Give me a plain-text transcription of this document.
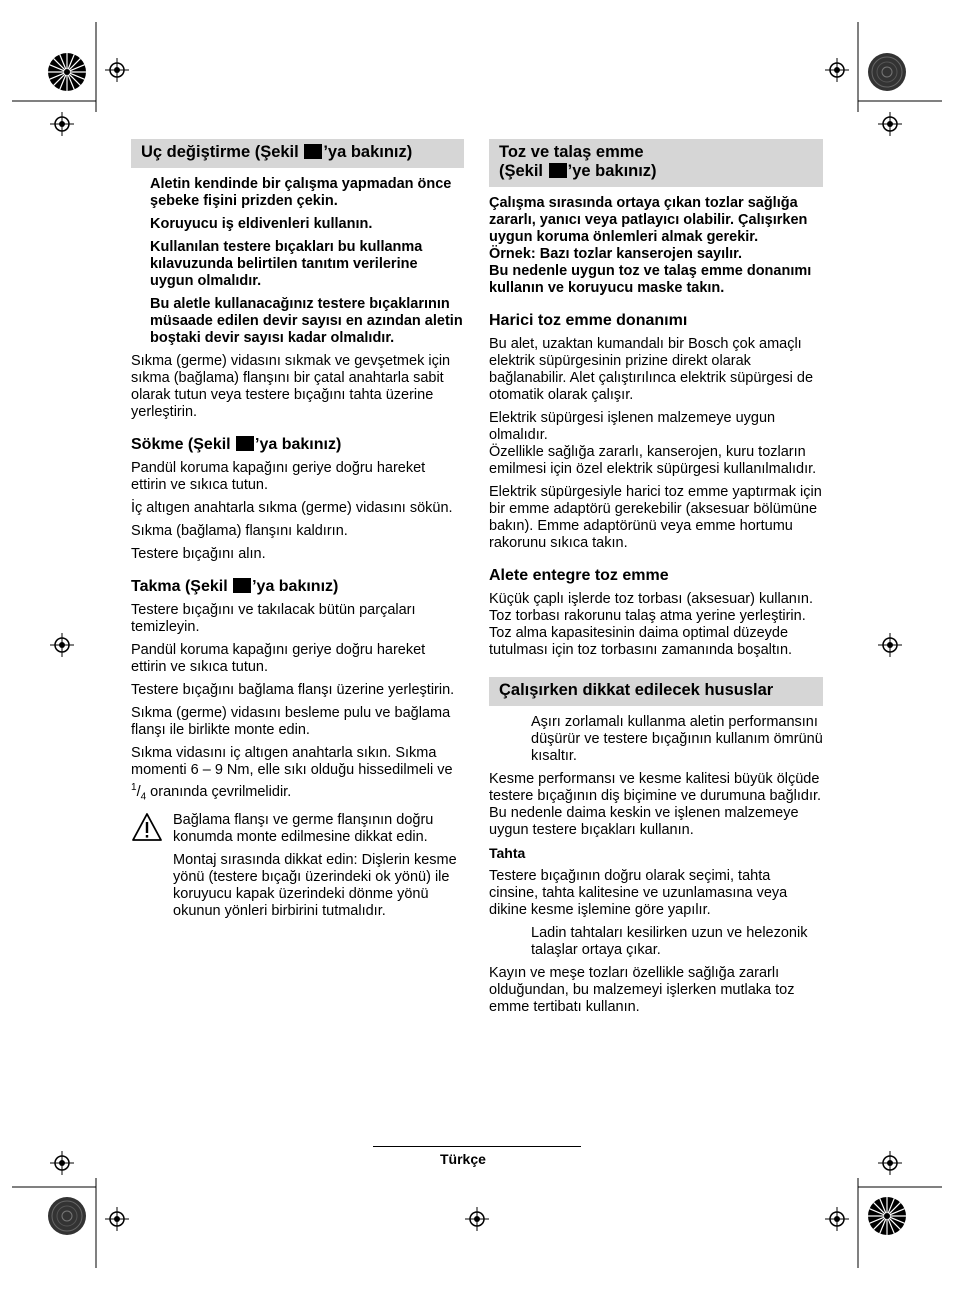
Uç değiştirme (Şekil ’ya bakınız)

Aletin kendinde bir çalışma yapmadan önce şebeke fişini prizden çekin.

Koruyucu iş eldivenleri kullanın.

Kullanılan testere bıçakları bu kullanma kılavuzunda belirtilen tanıtım verilerine uygun olmalıdır.

Bu aletle kullanacağınız testere bıçaklarının müsaade edilen devir sayısı en azından aletin boştaki devir sayısı kadar olmalıdır.

Sıkma (germe) vidasını sıkmak ve gevşetmek için sıkma (bağlama) flanşını bir çatal anahtarla sabit olarak tutun veya testere bıçağını tahta üzerine yerleştirin.

Sökme (Şekil ’ya bakınız)

Pandül koruma kapağını geriye doğru hareket ettirin ve sıkıca tutun.

İç altıgen anahtarla sıkma (germe) vidasını sökün.

Sıkma (bağlama) flanşını kaldırın.

Testere bıçağını alın.

Takma (Şekil ’ya bakınız)

Testere bıçağını ve takılacak bütün parçaları temizleyin.

Pandül koruma kapağını geriye doğru hareket ettirin ve sıkıca tutun.

Testere bıçağını bağlama flanşı üzerine yerleştirin.

Sıkma (germe) vidasını besleme pulu ve bağlama flanşı ile birlikte monte edin.

Sıkma vidasını iç altıgen anahtarla sıkın. Sıkma momenti 6 – 9 Nm, elle sıkı olduğu hissedilmeli ve $^1/_4$ oranında çevrilmelidir.

Bağlama flanşı ve germe flanşının doğru konumda monte edilmesine dikkat edin.

Montaj sırasında dikkat edin: Dişlerin kesme yönü (testere bıçağı üzerindeki ok yönü) ile koruyucu kapak üzerindeki dönme yönü okunun yönleri birbirini tutmalıdır.

Toz ve talaş emme
(Şekil ’ye bakınız)

Çalışma sırasında ortaya çıkan tozlar sağlığa zararlı, yanıcı veya patlayıcı olabilir. Çalışırken uygun koruma önlemleri almak gerekir.

Örnek: Bazı tozlar kanserojen sayılır.

Bu nedenle uygun toz ve talaş emme donanımı kullanın ve koruyucu maske takın.

Harici toz emme donanımı

Bu alet, uzaktan kumandalı bir Bosch çok amaçlı elektrik süpürgesinin prizine direkt olarak bağlanabilir. Alet çalıştırılınca elektrik süpürgesi de otomatik olarak çalışır.

Elektrik süpürgesi işlenen malzemeye uygun olmalıdır.

Özellikle sağlığa zararlı, kanserojen, kuru tozların emilmesi için özel elektrik süpürgesi kullanılmalıdır.

Elektrik süpürgesiyle harici toz emme yaptırmak için bir emme adaptörü gerekebilir (aksesuar bölümüne bakın). Emme adaptörünü veya emme hortumu rakorunu sıkıca takın.

Alete entegre toz emme

Küçük çaplı işlerde toz torbası (aksesuar) kullanın. Toz torbası rakorunu talaş atma yerine yerleştirin. Toz alma kapasitesinin daima optimal düzeyde tutulması için toz torbasını zamanında boşaltın.

Çalışırken dikkat edilecek hususlar

Aşırı zorlamalı kullanma aletin performansını düşürür ve testere bıçağının kullanım ömrünü kısaltır.

Kesme performansı ve kesme kalitesi büyük ölçüde testere bıçağının diş biçimine ve durumuna bağlıdır. Bu nedenle daima keskin ve işlenen malzemeye uygun testere bıçakları kullanın.

Tahta

Testere bıçağının doğru olarak seçimi, tahta cinsine, tahta kalitesine ve uzunlamasına veya dikine kesme işlemine göre yapılır.

Ladin tahtaları kesilirken uzun ve helezonik talaşlar ortaya çıkar.

Kayın ve meşe tozları özellikle sağlığa zararlı olduğundan, bu malzemeyi işlerken mutlaka toz emme tertibatı kullanın.

Türkçe
